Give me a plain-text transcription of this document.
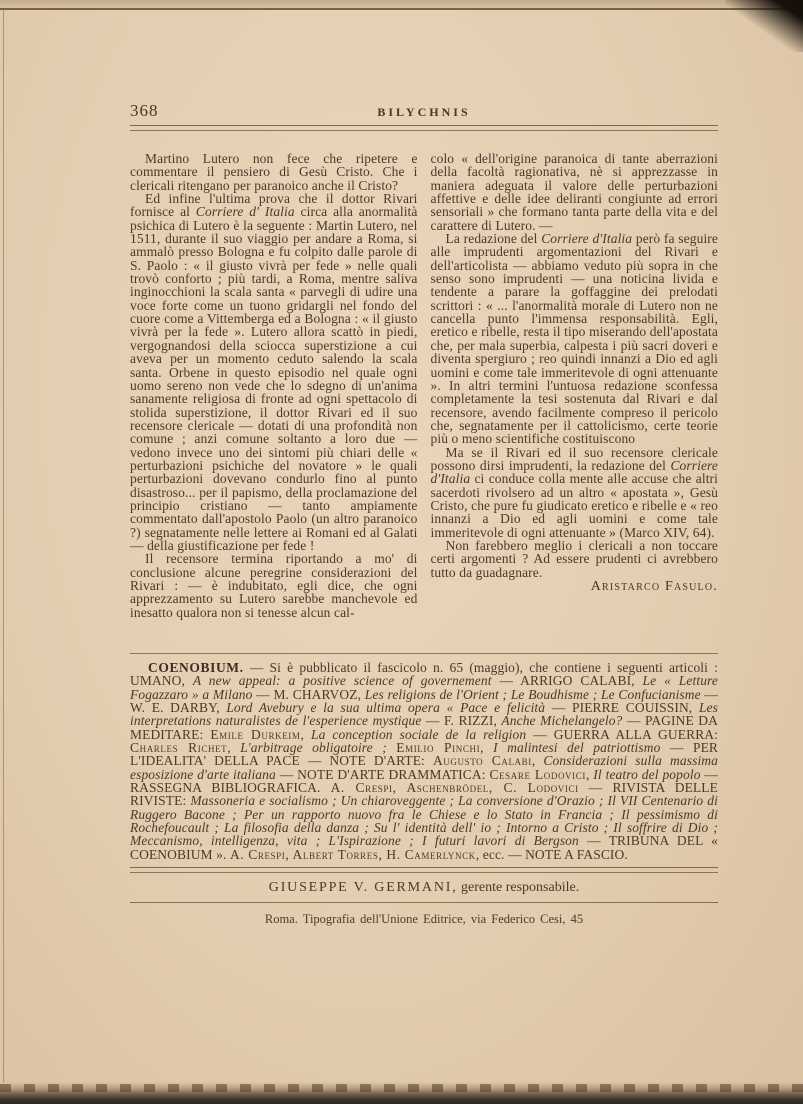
368	BILYCHNIS

Martino Lutero non fece che ripetere e commentare il pensiero di Gesù Cristo. Che i clericali ritengano per paranoico anche il Cristo?

Ed infine l'ultima prova che il dottor Rivari fornisce al Corriere d' Italia circa alla anormalità psichica di Lutero è la seguente : Martin Lutero, nel 1511, durante il suo viaggio per andare a Roma, si ammalò presso Bologna e fu colpito dalle parole di S. Paolo : « il giusto vivrà per fede » nelle quali trovò conforto ; più tardi, a Roma, mentre saliva inginocchioni la scala santa « parvegli di udire una voce forte come un tuono gridargli nel fondo del cuore come a Vittemberga ed a Bologna : « il giusto vivrà per la fede ». Lutero allora scattò in piedi, vergognandosi della sciocca superstizione a cui aveva per un momento ceduto salendo la scala santa. Orbene in questo episodio nel quale ogni uomo sereno non vede che lo sdegno di un'anima sanamente religiosa di fronte ad ogni spettacolo di stolida superstizione, il dottor Rivari ed il suo recensore clericale — dotati di una profondità non comune ; anzi comune soltanto a loro due — vedono invece uno dei sintomi più chiari delle « perturbazioni psichiche del novatore » le quali perturbazioni dovevano condurlo fino al punto disastroso... per il papismo, della proclamazione del principio cristiano — tanto ampiamente commentato dall'apostolo Paolo (un altro paranoico ?) segnatamente nelle lettere ai Romani ed al Galati — della giustificazione per fede !

Il recensore termina riportando a mo' di conclusione alcune peregrine considerazioni del Rivari : — è indubitato, egli dice, che ogni apprezzamento su Lutero sarebbe manchevole ed inesatto qualora non si tenesse alcun cal-

colo « dell'origine paranoica di tante aberrazioni della facoltà ragionativa, nè si apprezzasse in maniera adeguata il valore delle perturbazioni affettive e delle idee deliranti congiunte ad errori sensoriali » che formano tanta parte della vita e del carattere di Lutero. —

La redazione del Corriere d'Italia però fa seguire alle imprudenti argomentazioni del Rivari e dell'articolista — abbiamo veduto più sopra in che senso sono imprudenti — una noticina livida e tendente a parare la goffaggine dei prelodati scrittori : « ... l'anormalità morale di Lutero non ne cancella punto l'immensa responsabilità. Egli, eretico e ribelle, resta il tipo miserando dell'apostata che, per mala superbia, calpesta i più sacri doveri e diventa spergiuro ; reo quindi innanzi a Dio ed agli uomini e come tale immeritevole di ogni attenuante ». In altri termini l'untuosa redazione sconfessa completamente la tesi sostenuta dal Rivari e dal recensore, avendo facilmente compreso il pericolo che, segnatamente per il cattolicismo, certe teorie più o meno scientifiche costituiscono

Ma se il Rivari ed il suo recensore clericale possono dirsi imprudenti, la redazione del Corriere d'Italia ci conduce colla mente alle accuse che altri sacerdoti rivolsero ad un altro « apostata », Gesù Cristo, che pure fu giudicato eretico e ribelle e « reo innanzi a Dio ed agli uomini e come tale immeritevole di ogni attenuante » (Marco XIV, 64).

Non farebbero meglio i clericali a non toccare certi argomenti ? Ad essere prudenti ci avrebbero tutto da guadagnare.

Aristarco Fasulo.

COENOBIUM. — Si è pubblicato il fascicolo n. 65 (maggio), che contiene i seguenti articoli : UMANO, A new appeal: a positive science of governement — ARRIGO CALABI, Le « Letture Fogazzaro » a Milano — M. CHARVOZ, Les religions de l'Orient ; Le Boudhisme ; Le Confucianisme — W. E. DARBY, Lord Avebury e la sua ultima opera « Pace e felicità — PIERRE COUISSIN, Les interpretations naturalistes de l'esperience mystique — F. RIZZI, Anche Michelangelo? — PAGINE DA MEDITARE: Emile Durkeim, La conception sociale de la religion — GUERRA ALLA GUERRA: Charles Richet, L'arbitrage obligatoire ; Emilio Pinchi, I malintesi del patriottismo — PER L'IDEALITA' DELLA PACE — NOTE D'ARTE: Augusto Calabi, Considerazioni sulla massima esposizione d'arte italiana — NOTE D'ARTE DRAMMATICA: Cesare Lodovici, Il teatro del popolo — RASSEGNA BIBLIOGRAFICA. A. Crespi, Aschenbrödel, C. Lodovici — RIVISTA DELLE RIVISTE: Massoneria e socialismo ; Un chiaroveggente ; La conversione d'Orazio ; Il VII Centenario di Ruggero Bacone ; Per un rapporto nuovo fra le Chiese e lo Stato in Francia ; Il pessimismo di Rochefoucault ; La filosofia della danza ; Su l' identità dell' io ; Intorno a Cristo ; Il soffrire di Dio ; Meccanismo, intelligenza, vita ; L'Ispirazione ; I futuri lavori di Bergson — TRIBUNA DEL « COENOBIUM ». A. Crespi, Albert Torres, H. Camerlynck, ecc. — NOTE A FASCIO.

GIUSEPPE V. GERMANI, gerente responsabile.
Roma. Tipografia dell'Unione Editrice, via Federico Cesi, 45
